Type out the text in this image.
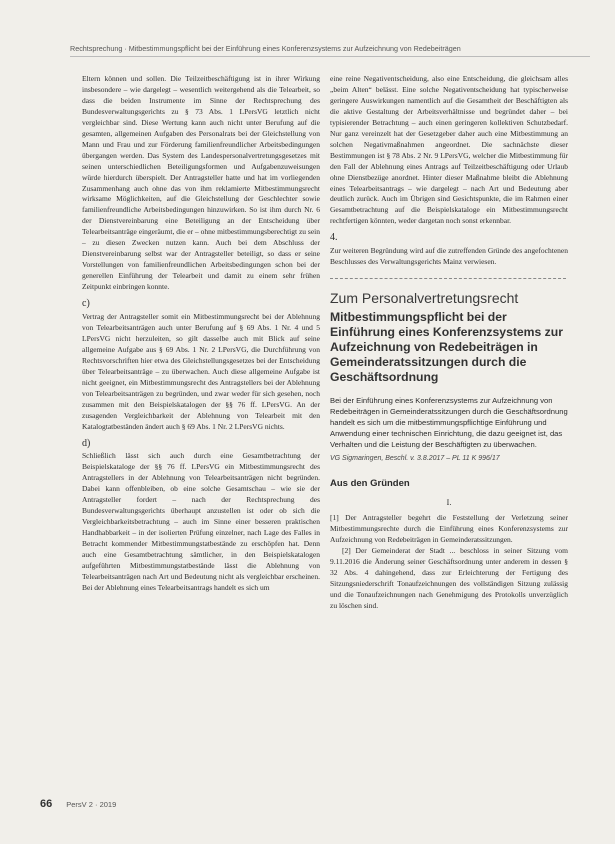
Rechtsprechung · Mitbestimmungspflicht bei der Einführung eines Konferenzsystems zur Aufzeichnung von Redebeiträgen

Eltern können und sollen. Die Teilzeitbeschäftigung ist in ihrer Wirkung insbesondere – wie dargelegt – wesentlich weitergehend als die Telearbeit, so dass die beiden Instrumente im Sinne der Rechtsprechung des Bundesverwaltungsgerichts zu § 73 Abs. 1 LPersVG letztlich nicht vergleichbar sind. Diese Wertung kann auch nicht unter Berufung auf die gesamten, allgemeinen Aufgaben des Personalrats bei der Gleichstellung von Mann und Frau und zur Förderung familienfreundlicher Arbeitsbedingungen übergangen werden. Das System des Landespersonalvertretungsgesetzes mit seinen unterschiedlichen Beteiligungsformen und Aufgabenzuweisungen würde hierdurch überspielt. Der Antragsteller hatte und hat im vorliegenden Zusammenhang auch ohne das von ihm reklamierte Mitbestimmungsrecht wirksame Möglichkeiten, auf die Gleichstellung der Geschlechter sowie familienfreundliche Arbeitsbedingungen hinzuwirken. So ist ihm durch Nr. 6 der Dienstvereinbarung eine Beteiligung an der Entscheidung über Telearbeitsanträge eingeräumt, die er – ohne mitbestimmungsberechtigt zu sein – zu diesen Zwecken nutzen kann. Auch bei dem Abschluss der Dienstvereinbarung selbst war der Antragsteller beteiligt, so dass er seine Vorstellungen von familienfreundlichen Arbeitsbedingungen schon bei der generellen Einführung der Telearbeit und damit zu einem sehr frühen Zeitpunkt einbringen konnte.

c)

Vertrag der Antragsteller somit ein Mitbestimmungsrecht bei der Ablehnung von Telearbeitsanträgen auch unter Berufung auf § 69 Abs. 1 Nr. 4 und 5 LPersVG nicht herzuleiten, so gilt dasselbe auch mit Blick auf seine allgemeine Aufgabe aus § 69 Abs. 1 Nr. 2 LPersVG, die Durchführung von Rechtsvorschriften hier etwa des Gleichstellungsgesetzes bei der Entscheidung über Telearbeitsanträge – zu überwachen. Auch diese allgemeine Aufgabe ist nicht geeignet, ein Mitbestimmungsrecht des Antragstellers bei der Ablehnung von Telearbeitsanträgen zu begründen, und zwar weder für sich gesehen, noch zusammen mit den Beispielskatalogen der §§ 76 ff. LPersVG. An der zusagenden Vergleichbarkeit der Ablehnung von Telearbeit mit den Katalogtatbeständen ändert auch § 69 Abs. 1 Nr. 2 LPersVG nichts.

d)

Schließlich lässt sich auch durch eine Gesamtbetrachtung der Beispielskataloge der §§ 76 ff. LPersVG ein Mitbestimmungsrecht des Antragstellers in der Ablehnung von Telearbeitsanträgen nicht begründen. Dabei kann offenbleiben, ob eine solche Gesamtschau – wie sie der Antragsteller fordert – nach der Rechtsprechung des Bundesverwaltungsgerichts überhaupt anzustellen ist oder ob sich die Vergleichbarkeitsbetrachtung – auch im Sinne einer besseren praktischen Handhabbarkeit – in der isolierten Prüfung einzelner, nach Lage des Falles in Betracht kommender Mitbestimmungstatbestände zu erschöpfen hat. Denn auch eine Gesamtbetrachtung sämtlicher, in den Beispielskatalogen aufgeführten Mitbestimmungstatbestände lässt die Ablehnung von Telearbeitsanträgen nach Art und Bedeutung nicht als vergleichbar erscheinen. Bei der Ablehnung eines Telearbeitsantrags handelt es sich um

eine reine Negativentscheidung, also eine Entscheidung, die gleichsam alles „beim Alten“ belässt. Eine solche Negativentscheidung hat typischerweise geringere Auswirkungen namentlich auf die Gesamtheit der Beschäftigten als die aktive Gestaltung der Arbeitsverhältnisse und begründet daher – bei typisierender Betrachtung – auch einen geringeren kollektiven Schutzbedarf. Nur ganz vereinzelt hat der Gesetzgeber daher auch eine Mitbestimmung an solchen Negativmaßnahmen angeordnet. Die sachnächste dieser Bestimmungen ist § 78 Abs. 2 Nr. 9 LPersVG, welcher die Mitbestimmung für den Fall der Ablehnung eines Antrags auf Teilzeitbeschäftigung oder Urlaub ohne Dienstbezüge anordnet. Hinter dieser Maßnahme bleibt die Ablehnung eines Telearbeitsantrags – wie dargelegt – nach Art und Bedeutung aber deutlich zurück. Auch im Übrigen sind Gesichtspunkte, die im Rahmen einer Gesamtbetrachtung auf die Beispielskataloge ein Mitbestimmungsrecht rechtfertigen könnten, weder dargetan noch sonst erkennbar.

4.

Zur weiteren Begründung wird auf die zutreffenden Gründe des angefochtenen Beschlusses des Verwaltungsgerichts Mainz verwiesen.

Zum Personalvertretungsrecht
Mitbestimmungspflicht bei der Einführung eines Konferenzsystems zur Aufzeichnung von Redebeiträgen in Gemeinderatssitzungen durch die Geschäftsordnung

Bei der Einführung eines Konferenzsystems zur Aufzeichnung von Redebeiträgen in Gemeinderatssitzungen durch die Geschäftsordnung handelt es sich um die mitbestimmungspflichtige Einführung und Anwendung einer technischen Einrichtung, die dazu geeignet ist, das Verhalten und die Leistung der Beschäftigten zu überwachen.

VG Sigmaringen, Beschl. v. 3.8.2017 – PL 11 K 996/17
Aus den Gründen
I.

[1] Der Antragsteller begehrt die Feststellung der Verletzung seiner Mitbestimmungsrechte durch die Einführung eines Konferenzsystems zur Aufzeichnung von Redebeiträgen in Gemeinderatssitzungen.

[2] Der Gemeinderat der Stadt ... beschloss in seiner Sitzung vom 9.11.2016 die Änderung seiner Geschäftsordnung unter anderem in dessen § 32 Abs. 4 dahingehend, dass zur Erleichterung der Fertigung des Sitzungsniederschrift Tonaufzeichnungen des vollständigen Sitzung zulässig und die Tonaufzeichnungen nach Genehmigung des Protokolls unverzüglich zu löschen sind.

66 PersV 2 · 2019
